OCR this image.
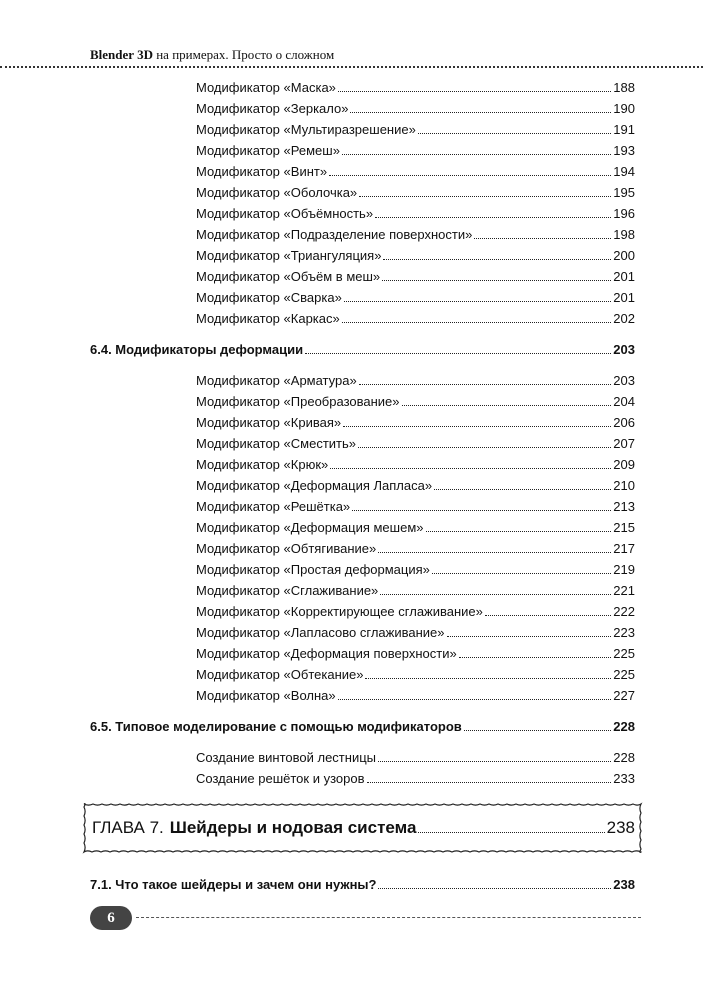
Blender 3D на примерах. Просто о сложном
Модификатор «Маска»	188
Модификатор «Зеркало»	190
Модификатор «Мультиразрешение»	191
Модификатор «Ремеш»	193
Модификатор «Винт»	194
Модификатор «Оболочка»	195
Модификатор «Объёмность»	196
Модификатор «Подразделение поверхности»	198
Модификатор «Триангуляция»	200
Модификатор «Объём в меш»	201
Модификатор «Сварка»	201
Модификатор «Каркас»	202
6.4. Модификаторы деформации	203
Модификатор «Арматура»	203
Модификатор «Преобразование»	204
Модификатор «Кривая»	206
Модификатор «Сместить»	207
Модификатор «Крюк»	209
Модификатор «Деформация Лапласа»	210
Модификатор «Решётка»	213
Модификатор «Деформация мешем»	215
Модификатор «Обтягивание»	217
Модификатор «Простая деформация»	219
Модификатор «Сглаживание»	221
Модификатор «Корректирующее сглаживание»	222
Модификатор «Лапласово сглаживание»	223
Модификатор «Деформация поверхности»	225
Модификатор «Обтекание»	225
Модификатор «Волна»	227
6.5. Типовое моделирование с помощью модификаторов	228
Создание винтовой лестницы	228
Создание решёток и узоров	233
ГЛАВА 7. Шейдеры и нодовая система	238
7.1. Что такое шейдеры и зачем они нужны?	238
6
